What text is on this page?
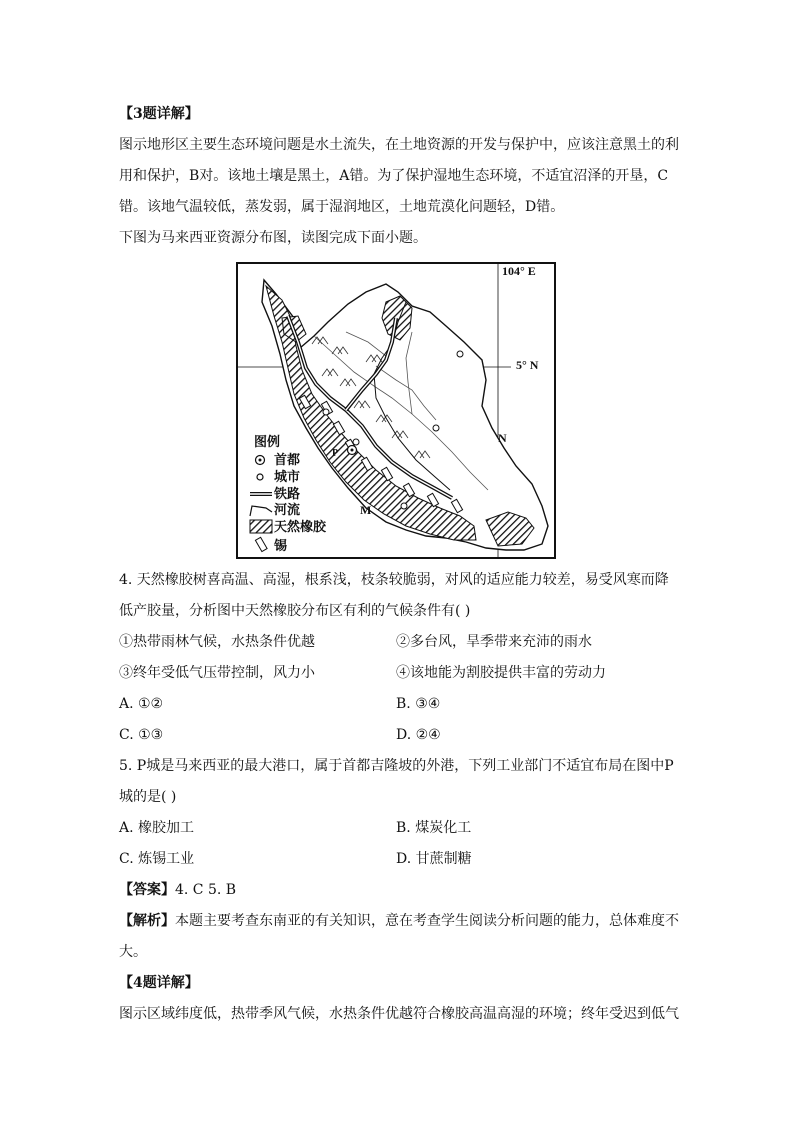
【3题详解】
图示地形区主要生态环境问题是水土流失，在土地资源的开发与保护中，应该注意黑土的利
用和保护，B对。该地土壤是黑土，A错。为了保护湿地生态环境，不适宜沼泽的开垦，C
错。该地气温较低，蒸发弱，属于湿润地区，土地荒漠化问题轻，D错。
下图为马来西亚资源分布图，读图完成下面小题。
104° E
5° N
N
M
P
图例
首都
城市
铁路
河流
天然橡胶
锡
4. 天然橡胶树喜高温、高湿，根系浅，枝条较脆弱，对风的适应能力较差，易受风寒而降
低产胶量，分析图中天然橡胶分布区有利的气候条件有( )
①热带雨林气候，水热条件优越	②多台风，旱季带来充沛的雨水
③终年受低气压带控制，风力小	④该地能为割胶提供丰富的劳动力
A. ①②	B. ③④
C. ①③	D. ②④
5. P城是马来西亚的最大港口，属于首都吉隆坡的外港，下列工业部门不适宜布局在图中P
城的是( )
A. 橡胶加工	B. 煤炭化工
C. 炼锡工业	D. 甘蔗制糖
【答案】4. C 5. B
【解析】本题主要考查东南亚的有关知识，意在考查学生阅读分析问题的能力，总体难度不
大。
【4题详解】
图示区域纬度低，热带季风气候，水热条件优越符合橡胶高温高湿的环境；终年受迟到低气
